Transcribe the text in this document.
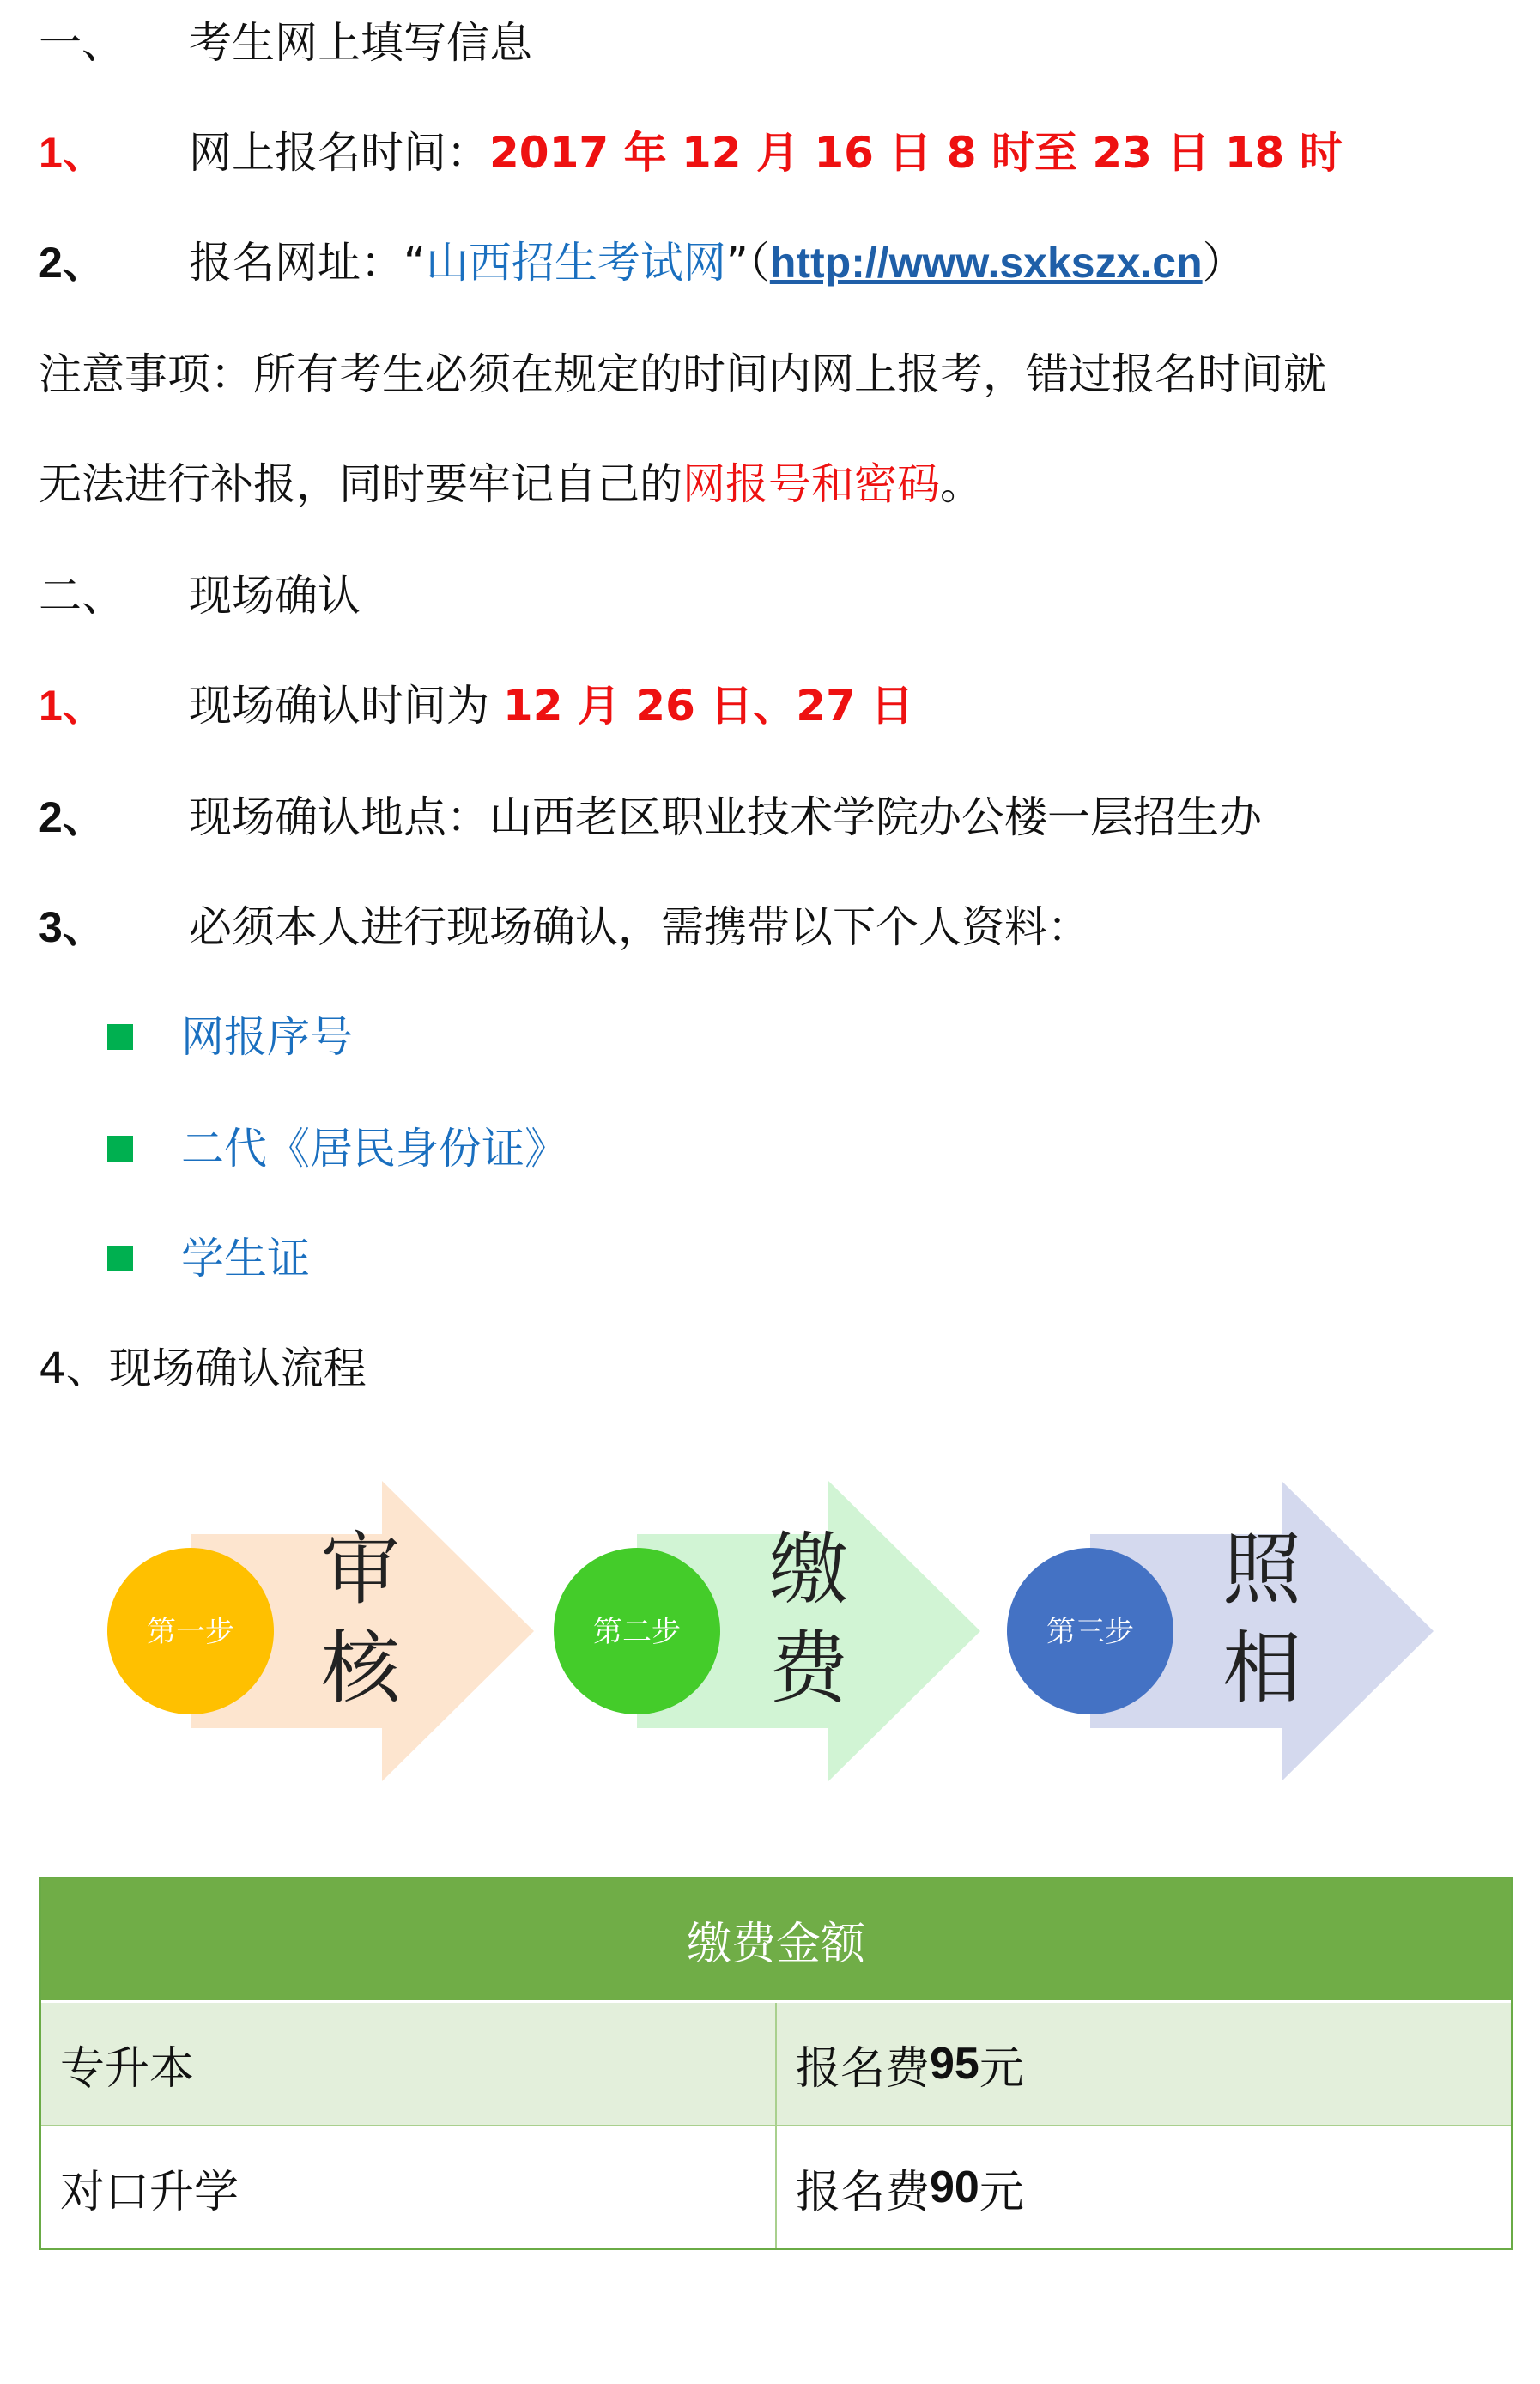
一、 考生网上填写信息
1、 网上报名时间：2017 年 12 月 16 日 8 时至 23 日 18 时
2、 报名网址：“山西招生考试网”（http://www.sxkszx.cn）
注意事项：所有考生必须在规定的时间内网上报考，错过报名时间就
无法进行补报，同时要牢记自己的网报号和密码。
二、 现场确认
1、 现场确认时间为 12 月 26 日、27 日
2、 现场确认地点：山西老区职业技术学院办公楼一层招生办
3、 必须本人进行现场确认，需携带以下个人资料：
网报序号
二代《居民身份证》
学生证
4、现场确认流程
第一步
审
核	第二步
缴
费	第三步
照
相
缴费金额
专升本	报名费 95 元
对口升学	报名费 90 元
